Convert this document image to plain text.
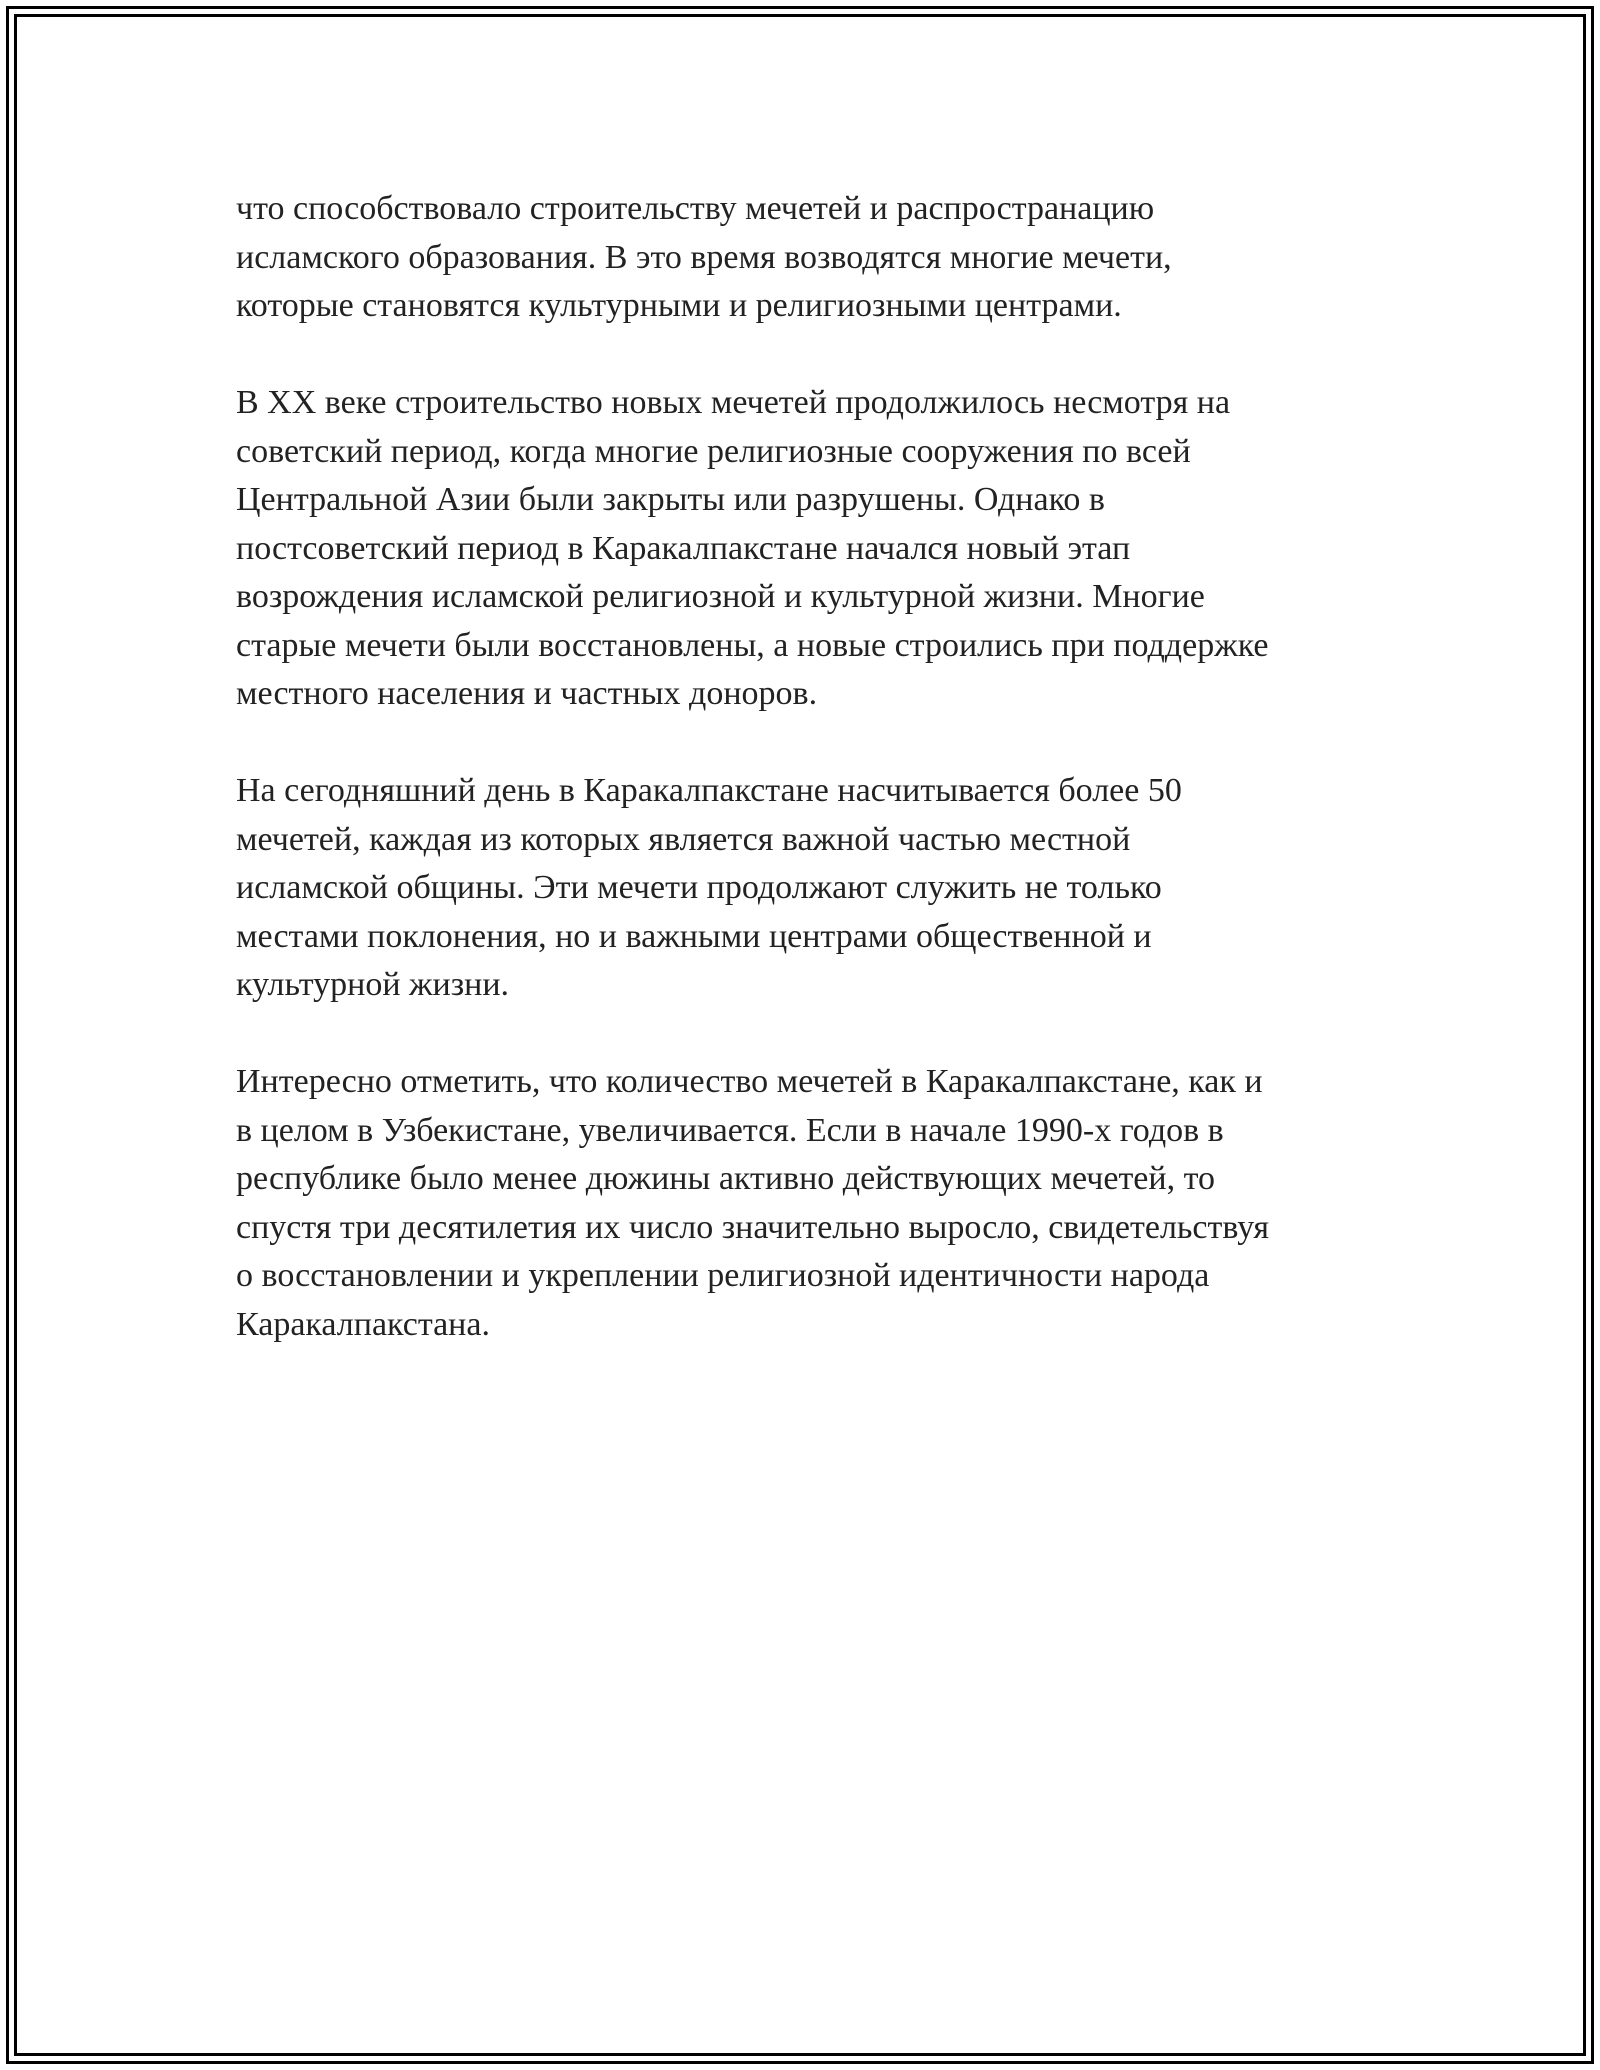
что способствовало строительству мечетей и распространацию
исламского образования. В это время возводятся многие мечети,
которые становятся культурными и религиозными центрами.

В XX веке строительство новых мечетей продолжилось несмотря на
советский период, когда многие религиозные сооружения по всей
Центральной Азии были закрыты или разрушены. Однако в
постсоветский период в Каракалпакстане начался новый этап
возрождения исламской религиозной и культурной жизни. Многие
старые мечети были восстановлены, а новые строились при поддержке
местного населения и частных доноров.

На сегодняшний день в Каракалпакстане насчитывается более 50
мечетей, каждая из которых является важной частью местной
исламской общины. Эти мечети продолжают служить не только
местами поклонения, но и важными центрами общественной и
культурной жизни.

Интересно отметить, что количество мечетей в Каракалпакстане, как и
в целом в Узбекистане, увеличивается. Если в начале 1990-х годов в
республике было менее дюжины активно действующих мечетей, то
спустя три десятилетия их число значительно выросло, свидетельствуя
о восстановлении и укреплении религиозной идентичности народа
Каракалпакстана.
